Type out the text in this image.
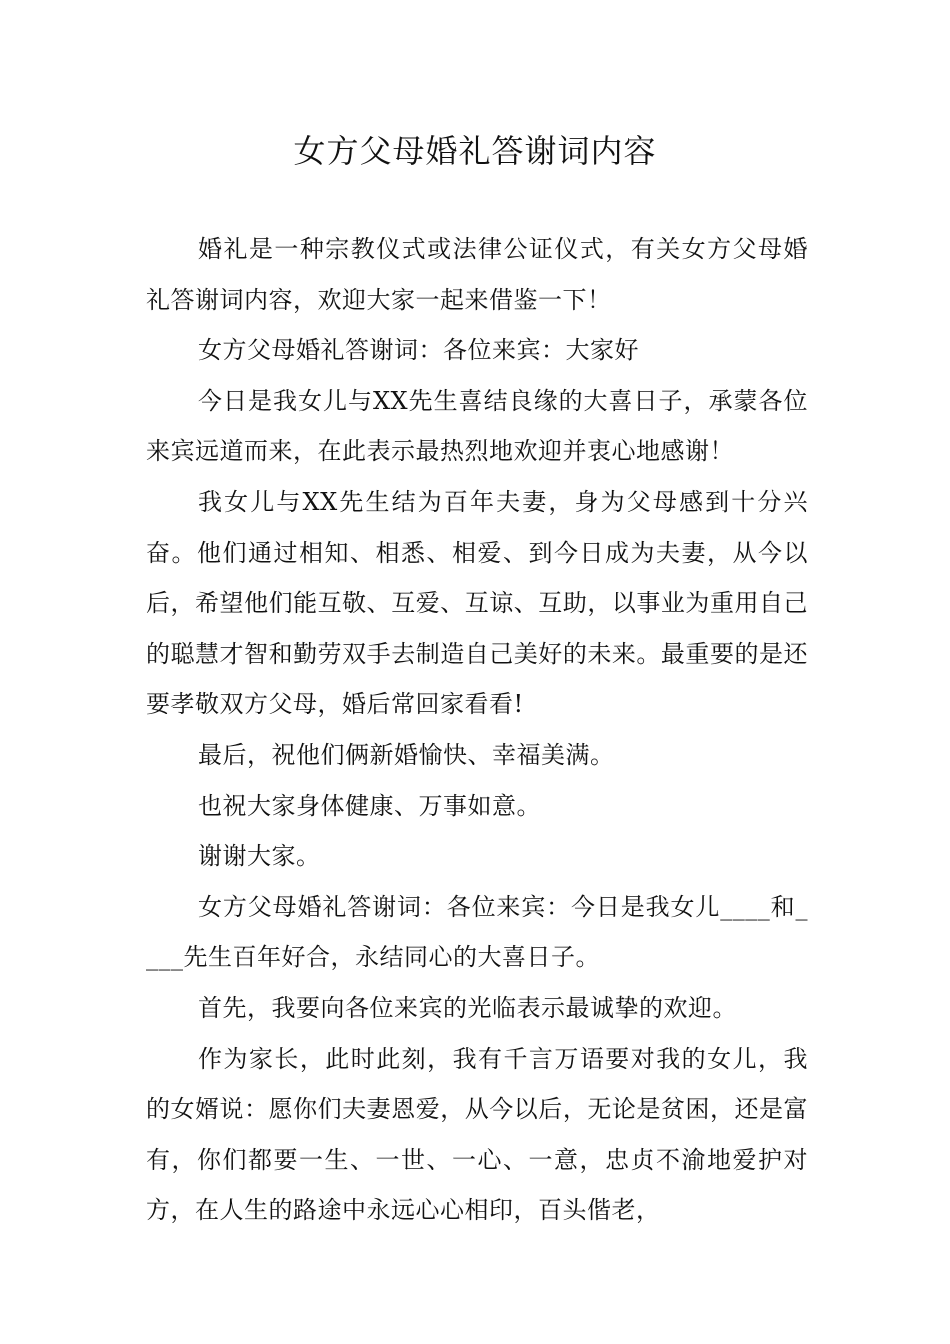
女方父母婚礼答谢词内容

婚礼是一种宗教仪式或法律公证仪式，有关女方父母婚礼答谢词内容，欢迎大家一起来借鉴一下！

女方父母婚礼答谢词：各位来宾：大家好

今日是我女儿与XX先生喜结良缘的大喜日子，承蒙各位来宾远道而来，在此表示最热烈地欢迎并衷心地感谢！

我女儿与XX先生结为百年夫妻，身为父母感到十分兴奋。他们通过相知、相悉、相爱、到今日成为夫妻，从今以后，希望他们能互敬、互爱、互谅、互助，以事业为重用自己的聪慧才智和勤劳双手去制造自己美好的未来。最重要的是还要孝敬双方父母，婚后常回家看看!

最后，祝他们俩新婚愉快、幸福美满。

也祝大家身体健康、万事如意。

谢谢大家。

女方父母婚礼答谢词：各位来宾：今日是我女儿____和____先生百年好合，永结同心的大喜日子。

首先，我要向各位来宾的光临表示最诚挚的欢迎。

作为家长，此时此刻，我有千言万语要对我的女儿，我的女婿说：愿你们夫妻恩爱，从今以后，无论是贫困，还是富有，你们都要一生、一世、一心、一意，忠贞不渝地爱护对方，在人生的路途中永远心心相印，百头偕老，
